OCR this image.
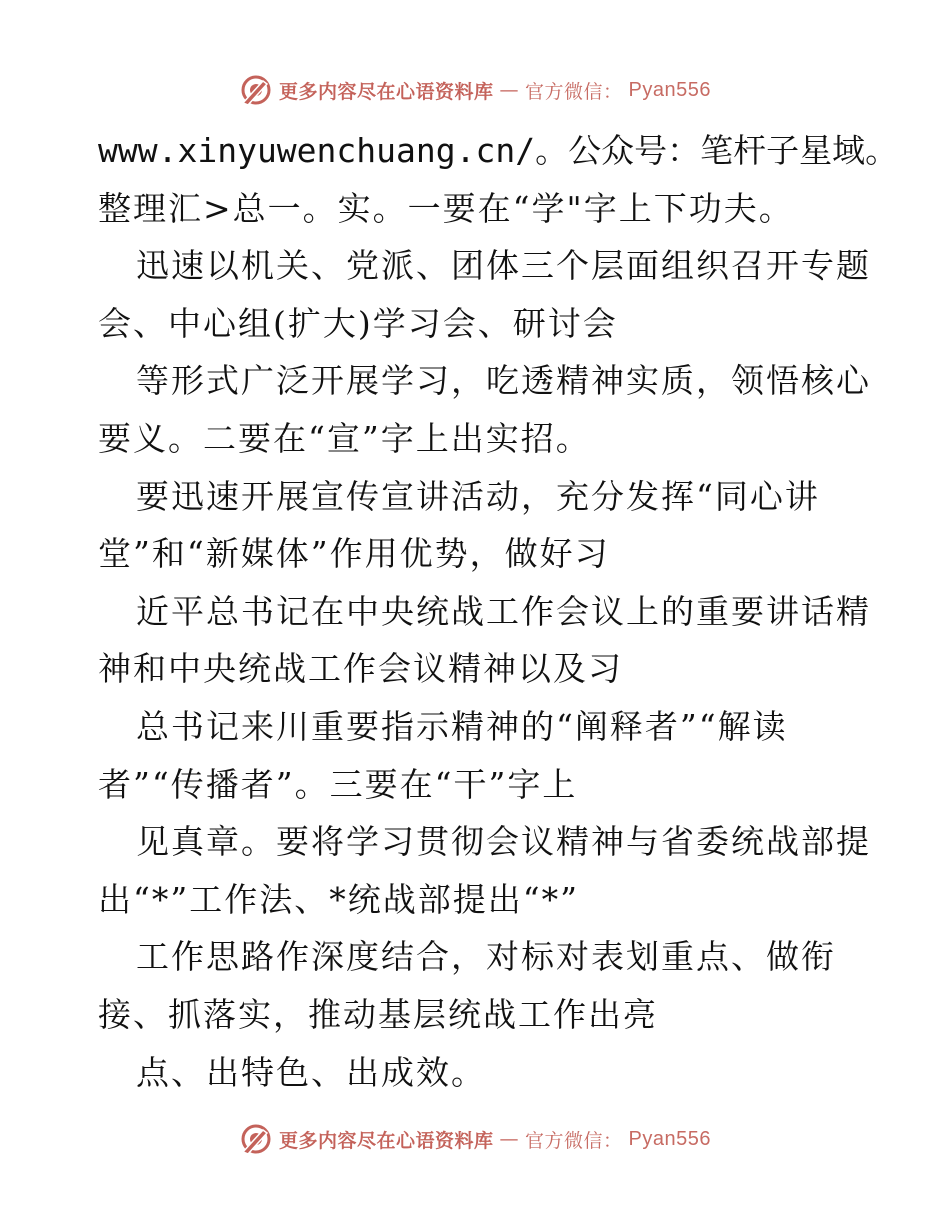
更多内容尽在心语资料库 — 官方微信： Pyan556
www.xinyuwenchuang.cn/。公众号：笔杆子星域。
整理汇>总一。实。一要在“学"字上下功夫。
迅速以机关、党派、团体三个层面组织召开专题
会、中心组(扩大)学习会、研讨会
等形式广泛开展学习，吃透精神实质，领悟核心
要义。二要在“宣”字上出实招。
要迅速开展宣传宣讲活动，充分发挥“同心讲
堂”和“新媒体”作用优势，做好习
近平总书记在中央统战工作会议上的重要讲话精
神和中央统战工作会议精神以及习
总书记来川重要指示精神的“阐释者”“解读
者”“传播者”。三要在“干”字上
见真章。要将学习贯彻会议精神与省委统战部提
出“*”工作法、*统战部提出“*”
工作思路作深度结合，对标对表划重点、做衔
接、抓落实，推动基层统战工作出亮
点、出特色、出成效。
更多内容尽在心语资料库 — 官方微信： Pyan556
